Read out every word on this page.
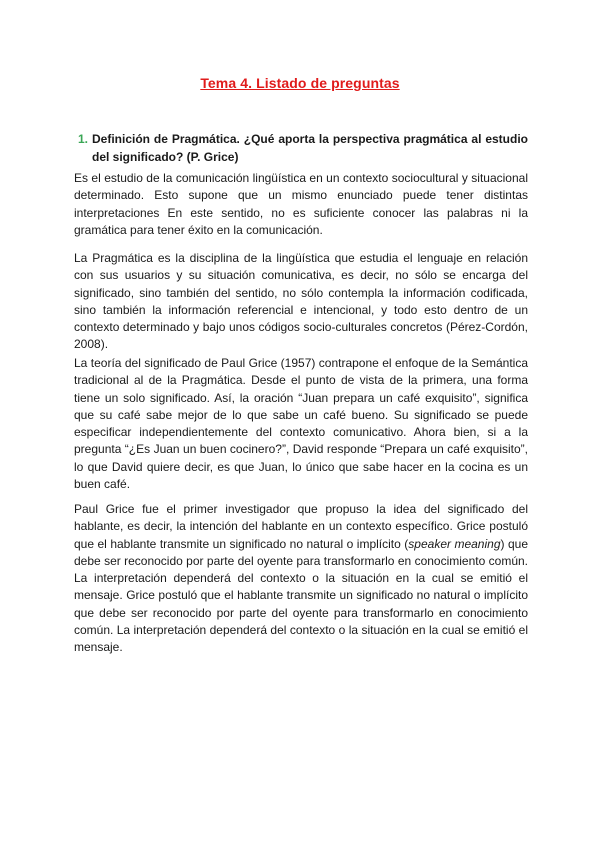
Tema 4. Listado de preguntas
1. Definición de Pragmática. ¿Qué aporta la perspectiva pragmática al estudio del significado? (P. Grice)

Es el estudio de la comunicación lingüística en un contexto sociocultural y situacional determinado. Esto supone que un mismo enunciado puede tener distintas interpretaciones En este sentido, no es suficiente conocer las palabras ni la gramática para tener éxito en la comunicación.

La Pragmática es la disciplina de la lingüística que estudia el lenguaje en relación con sus usuarios y su situación comunicativa, es decir, no sólo se encarga del significado, sino también del sentido, no sólo contempla la información codificada, sino también la información referencial e intencional, y todo esto dentro de un contexto determinado y bajo unos códigos socio-culturales concretos (Pérez-Cordón, 2008).

La teoría del significado de Paul Grice (1957) contrapone el enfoque de la Semántica tradicional al de la Pragmática. Desde el punto de vista de la primera, una forma tiene un solo significado. Así, la oración “Juan prepara un café exquisito”, significa que su café sabe mejor de lo que sabe un café bueno. Su significado se puede especificar independientemente del contexto comunicativo. Ahora bien, si a la pregunta “¿Es Juan un buen cocinero?”, David responde “Prepara un café exquisito”, lo que David quiere decir, es que Juan, lo único que sabe hacer en la cocina es un buen café.

Paul Grice fue el primer investigador que propuso la idea del significado del hablante, es decir, la intención del hablante en un contexto específico. Grice postuló que el hablante transmite un significado no natural o implícito (speaker meaning) que debe ser reconocido por parte del oyente para transformarlo en conocimiento común. La interpretación dependerá del contexto o la situación en la cual se emitió el mensaje. Grice postuló que el hablante transmite un significado no natural o implícito que debe ser reconocido por parte del oyente para transformarlo en conocimiento común. La interpretación dependerá del contexto o la situación en la cual se emitió el mensaje.
